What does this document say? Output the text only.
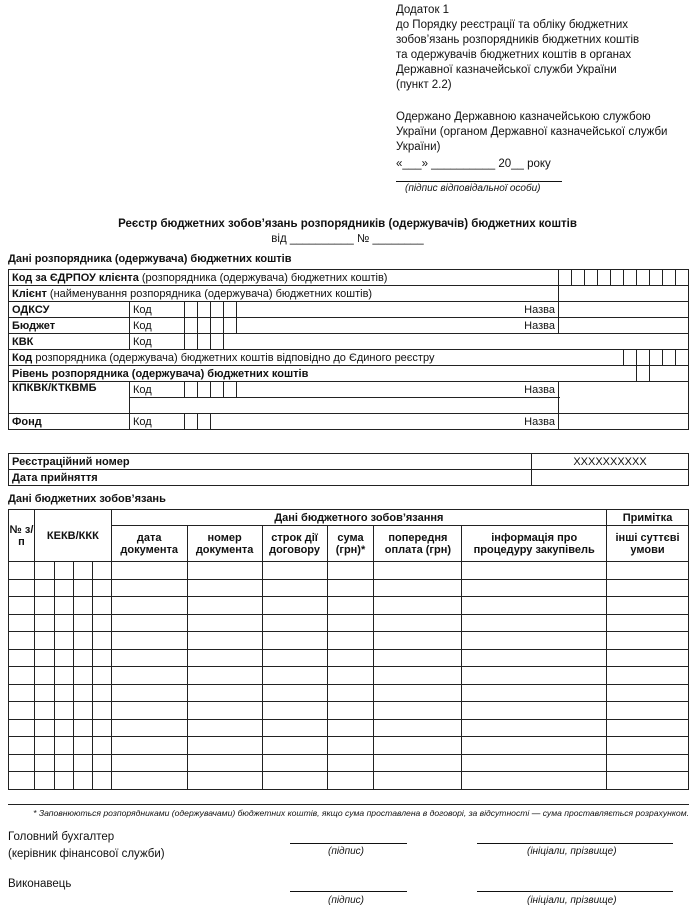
Додаток 1
до Порядку реєстрації та обліку бюджетних
зобов’язань розпорядників бюджетних коштів
та одержувачів бюджетних коштів в органах
Державної казначейської служби України
(пункт 2.2)
Одержано Державною казначейською службою
України (органом Державної казначейської служби
України)
«___» __________ 20__ року
(підпис відповідальної особи)
Реєстр бюджетних зобов’язань розпорядників (одержувачів) бюджетних коштів
від __________ № ________
Дані розпорядника (одержувача) бюджетних коштів
Код за ЄДРПОУ клієнта (розпорядника (одержувача) бюджетних коштів)																
Клієнт (найменування розпорядника (одержувача) бюджетних коштів)																
ОДКСУ	Код					Назва										
Бюджет	Код					Назва										
КВК	Код															
Код розпорядника (одержувача) бюджетних коштів відповідно до Єдиного реєстру																
Рівень розпорядника (одержувача) бюджетних коштів																
КПКВК/КТКВМБ	Код					Назва										

Фонд	Код			Назва												
Реєстраційний номер	XXXXXXXXXX
Дата прийняття	
Дані бюджетних зобов’язань
№ з/п	КЕКВ/ККК				Дані бюджетного зобов’язання						Примітка
					дата документа	номер документа	строк дії договору	сума (грн)*	попередня оплата (грн)	інформація про процедуру закупівель	інші суттєві умови

* Заповнюються розпорядниками (одержувачами) бюджетних коштів, якщо сума проставлена в договорі, за відсутності — сума проставляється розрахунком.
Головний бухгалтер
(керівник фінансової служби)	(підпис)	(ініціали, прізвище)
Виконавець
(підпис)	(ініціали, прізвище)
